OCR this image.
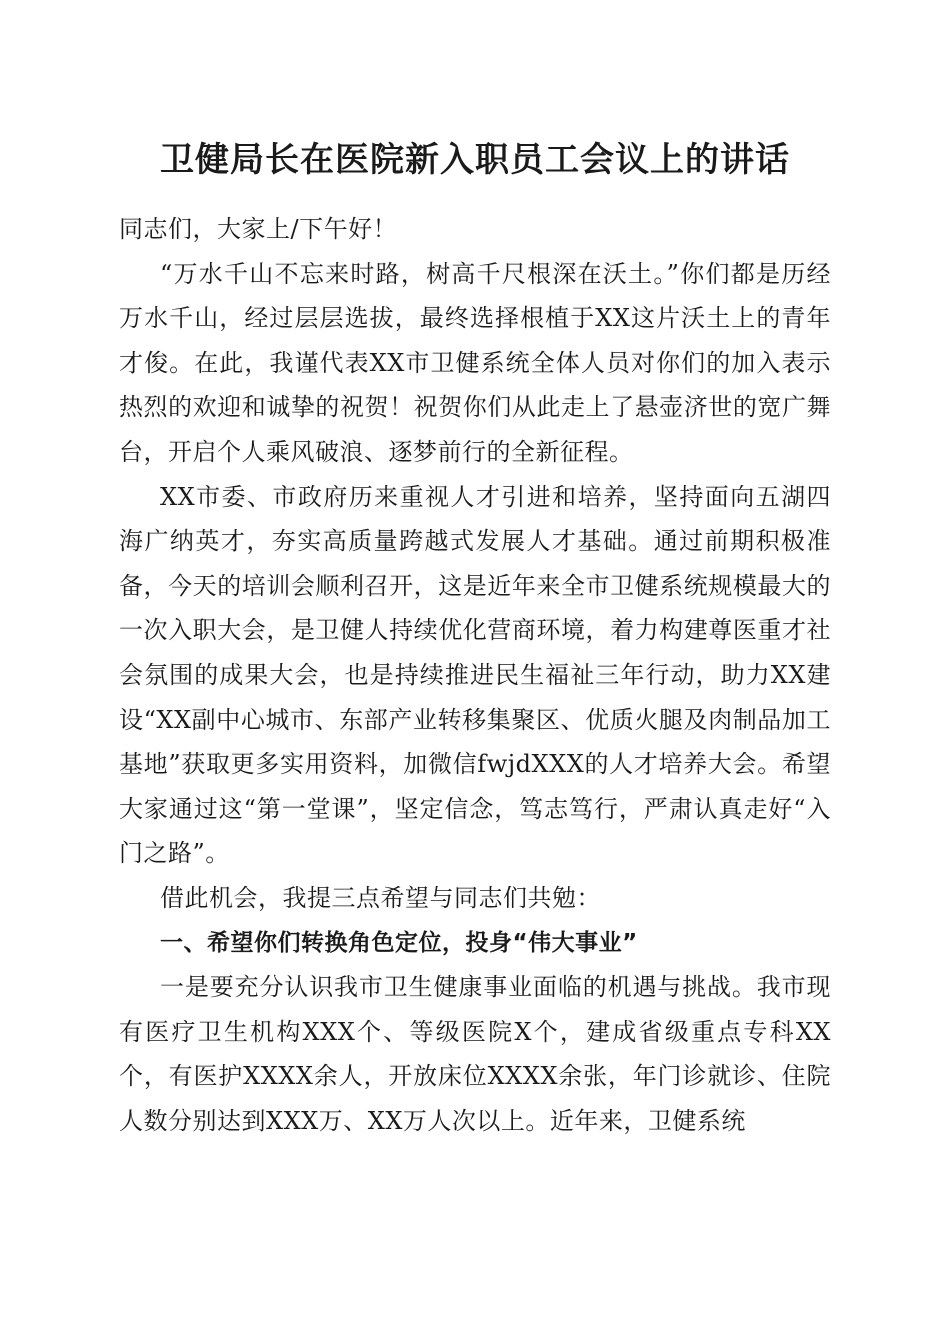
卫健局长在医院新入职员工会议上的讲话

同志们，大家上/下午好！

“万水千山不忘来时路，树高千尺根深在沃土。”你们都是历经万水千山，经过层层选拔，最终选择根植于XX这片沃土上的青年才俊。在此，我谨代表XX市卫健系统全体人员对你们的加入表示热烈的欢迎和诚挚的祝贺！祝贺你们从此走上了悬壶济世的宽广舞台，开启个人乘风破浪、逐梦前行的全新征程。

XX市委、市政府历来重视人才引进和培养，坚持面向五湖四海广纳英才，夯实高质量跨越式发展人才基础。通过前期积极准备，今天的培训会顺利召开，这是近年来全市卫健系统规模最大的一次入职大会，是卫健人持续优化营商环境，着力构建尊医重才社会氛围的成果大会，也是持续推进民生福祉三年行动，助力XX建设“XX副中心城市、东部产业转移集聚区、优质火腿及肉制品加工基地”获取更多实用资料，加微信fwjdXXX的人才培养大会。希望大家通过这“第一堂课”，坚定信念，笃志笃行，严肃认真走好“入门之路”。

借此机会，我提三点希望与同志们共勉：

一、希望你们转换角色定位，投身“伟大事业”

一是要充分认识我市卫生健康事业面临的机遇与挑战。我市现有医疗卫生机构XXX个、等级医院X个，建成省级重点专科XX个，有医护XXXX余人，开放床位XXXX余张，年门诊就诊、住院人数分别达到XXX万、XX万人次以上。近年来，卫健系统
